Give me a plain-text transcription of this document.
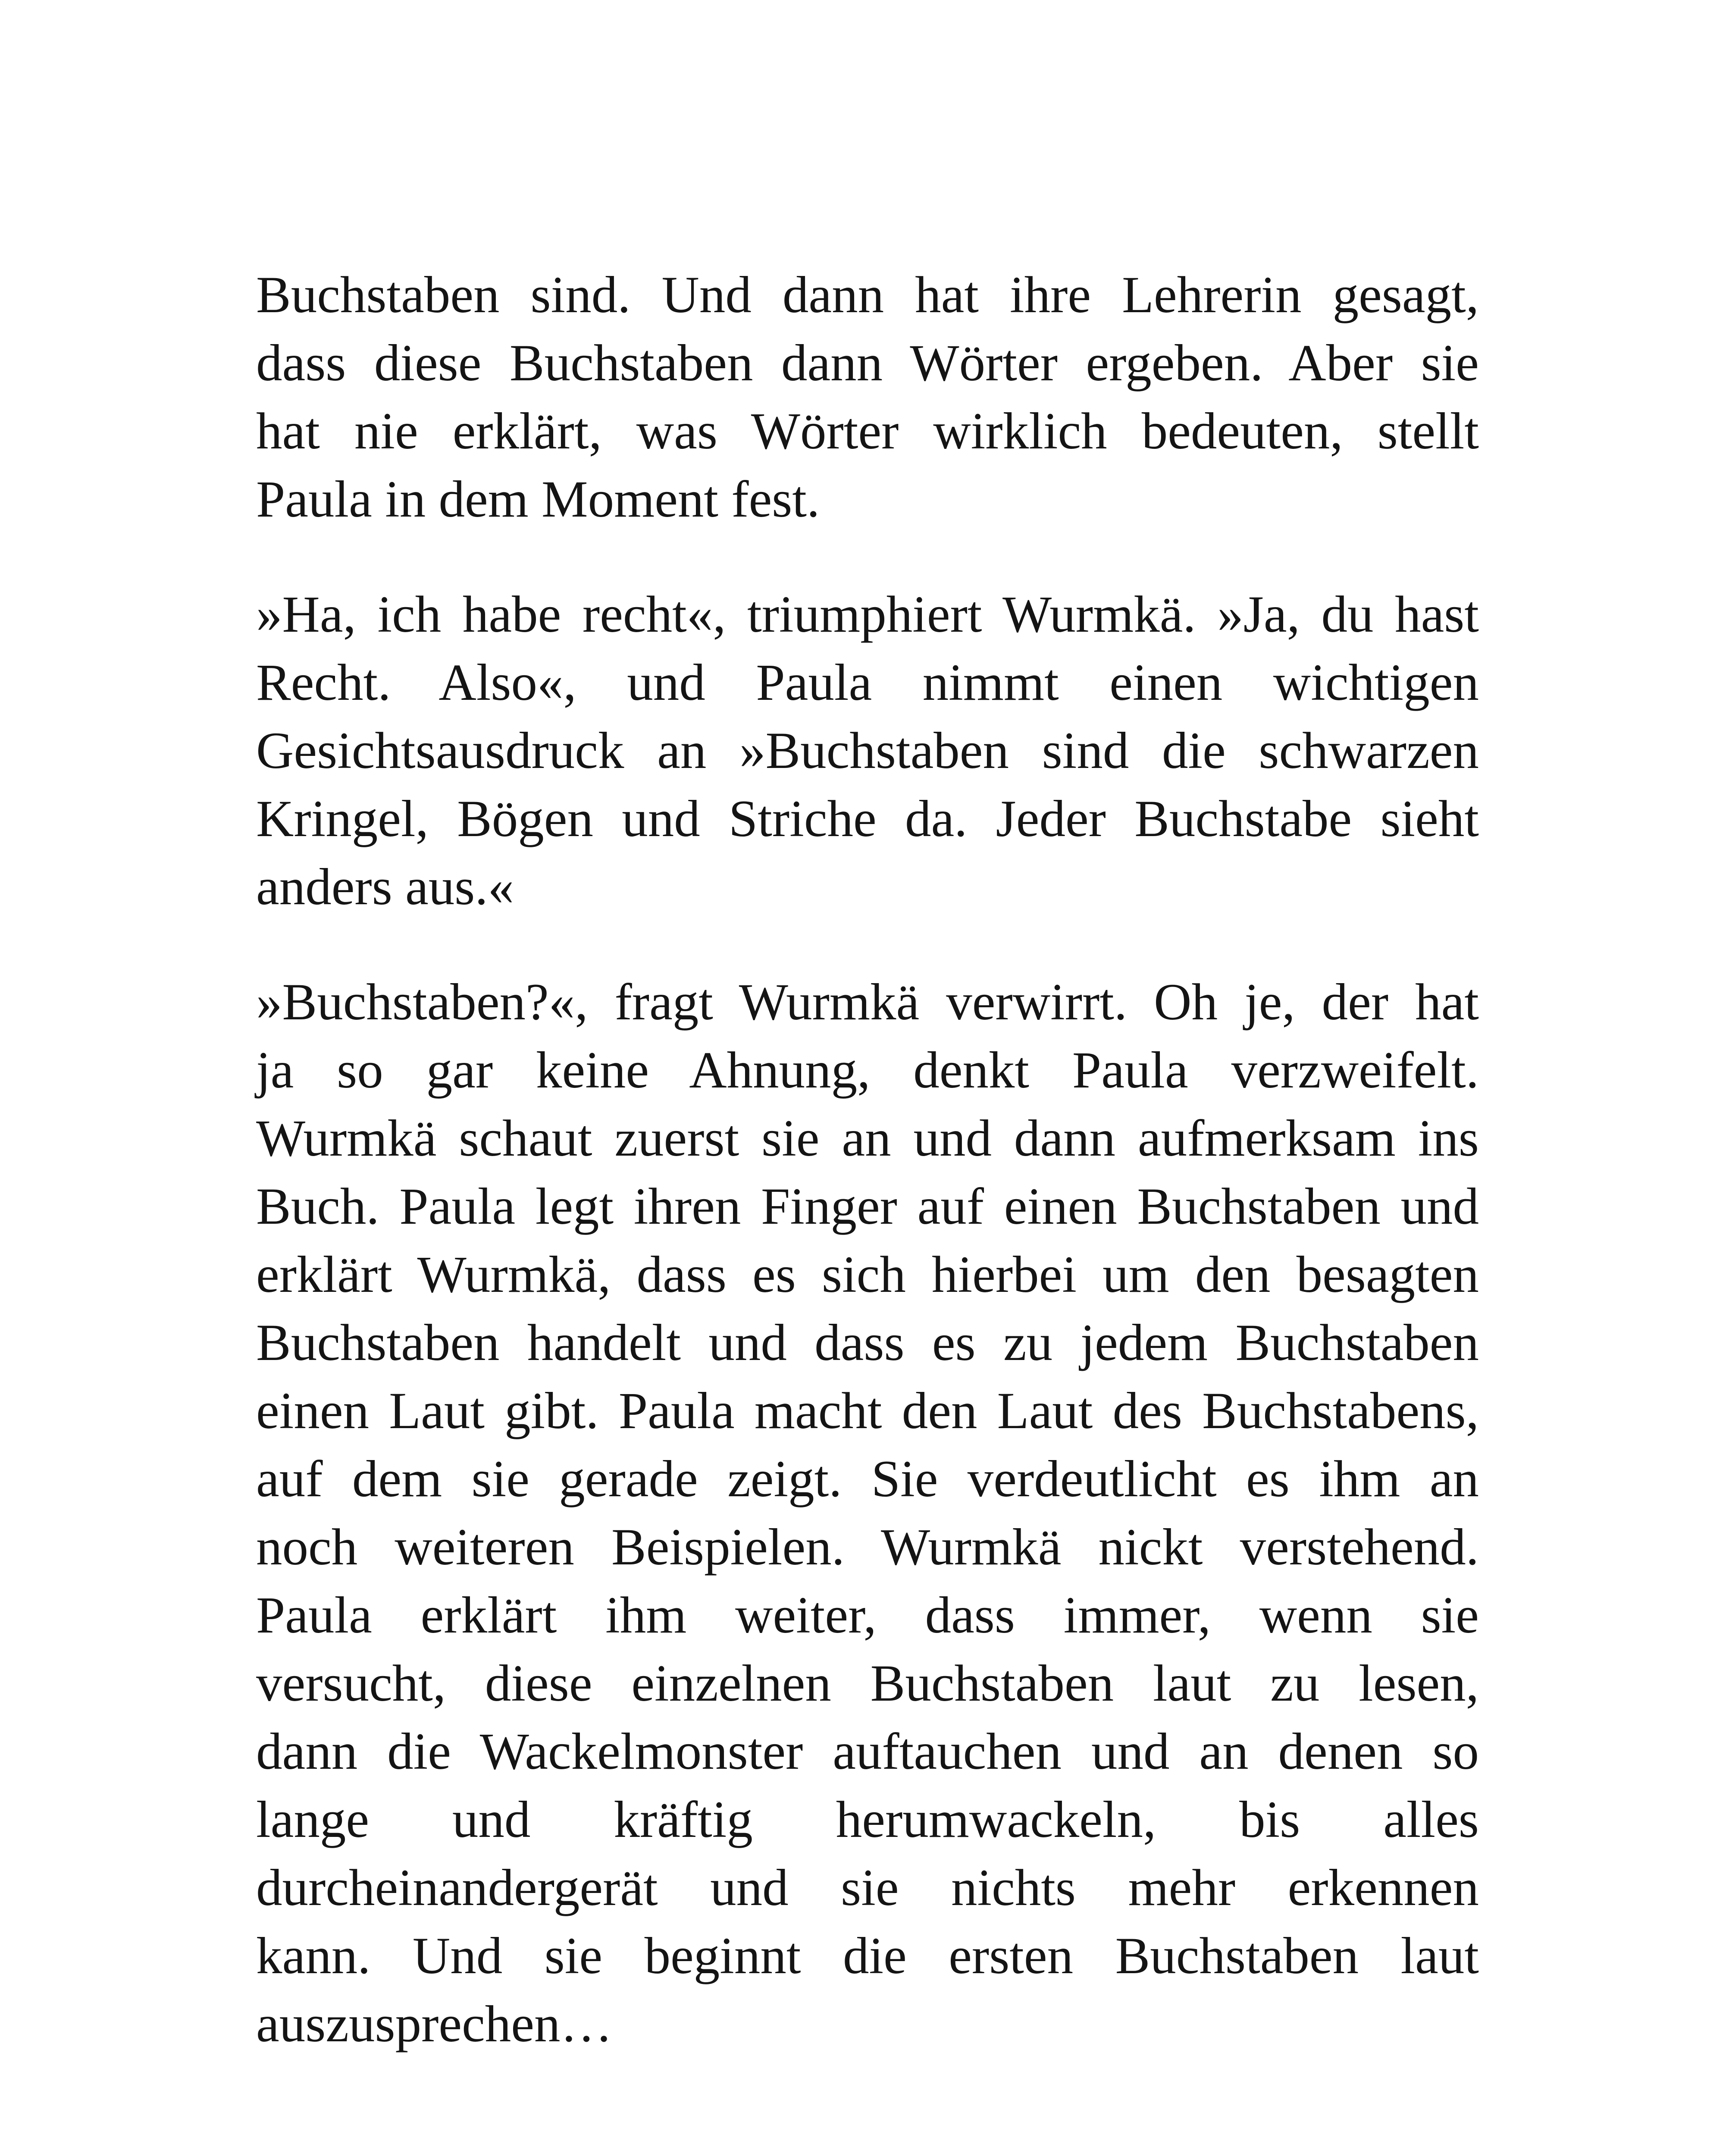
Buchstaben sind. Und dann hat ihre Lehrerin gesagt,
dass diese Buchstaben dann Wörter ergeben. Aber sie
hat nie erklärt, was Wörter wirklich bedeuten, stellt
Paula in dem Moment fest.

»Ha, ich habe recht«, triumphiert Wurmkä. »Ja, du hast
Recht. Also«, und Paula nimmt einen wichtigen
Gesichtsausdruck an »Buchstaben sind die schwarzen
Kringel, Bögen und Striche da. Jeder Buchstabe sieht
anders aus.«

»Buchstaben?«, fragt Wurmkä verwirrt. Oh je, der hat
ja so gar keine Ahnung, denkt Paula verzweifelt.
Wurmkä schaut zuerst sie an und dann aufmerksam ins
Buch. Paula legt ihren Finger auf einen Buchstaben und
erklärt Wurmkä, dass es sich hierbei um den besagten
Buchstaben handelt und dass es zu jedem Buchstaben
einen Laut gibt. Paula macht den Laut des Buchstabens,
auf dem sie gerade zeigt. Sie verdeutlicht es ihm an
noch weiteren Beispielen. Wurmkä nickt verstehend.
Paula erklärt ihm weiter, dass immer, wenn sie
versucht, diese einzelnen Buchstaben laut zu lesen,
dann die Wackelmonster auftauchen und an denen so
lange und kräftig herumwackeln, bis alles
durcheinandergerät und sie nichts mehr erkennen
kann. Und sie beginnt die ersten Buchstaben laut
auszusprechen…
